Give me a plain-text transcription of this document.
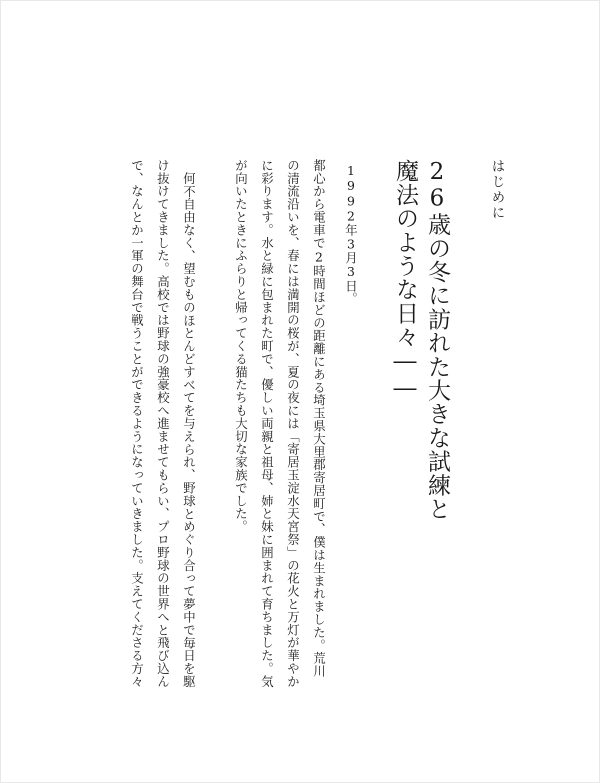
はじめに
26歳の冬に訪れた大きな試練と
魔法のような日々――
1992年3月3日。
都心から電車で2時間ほどの距離にある埼玉県大里郡寄居町で、僕は生まれました。荒川
の清流沿いを、春には満開の桜が、夏の夜には「寄居玉淀水天宮祭」の花火と万灯が華やか
に彩ります。水と緑に包まれた町で、優しい両親と祖母、姉と妹に囲まれて育ちました。気
が向いたときにふらりと帰ってくる猫たちも大切な家族でした。
何不自由なく、望むものほとんどすべてを与えられ、野球とめぐり合って夢中で毎日を駆
け抜けてきました。高校では野球の強豪校へ進ませてもらい、プロ野球の世界へと飛び込ん
で、なんとか一軍の舞台で戦うことができるようになっていきました。支えてくださる方々
